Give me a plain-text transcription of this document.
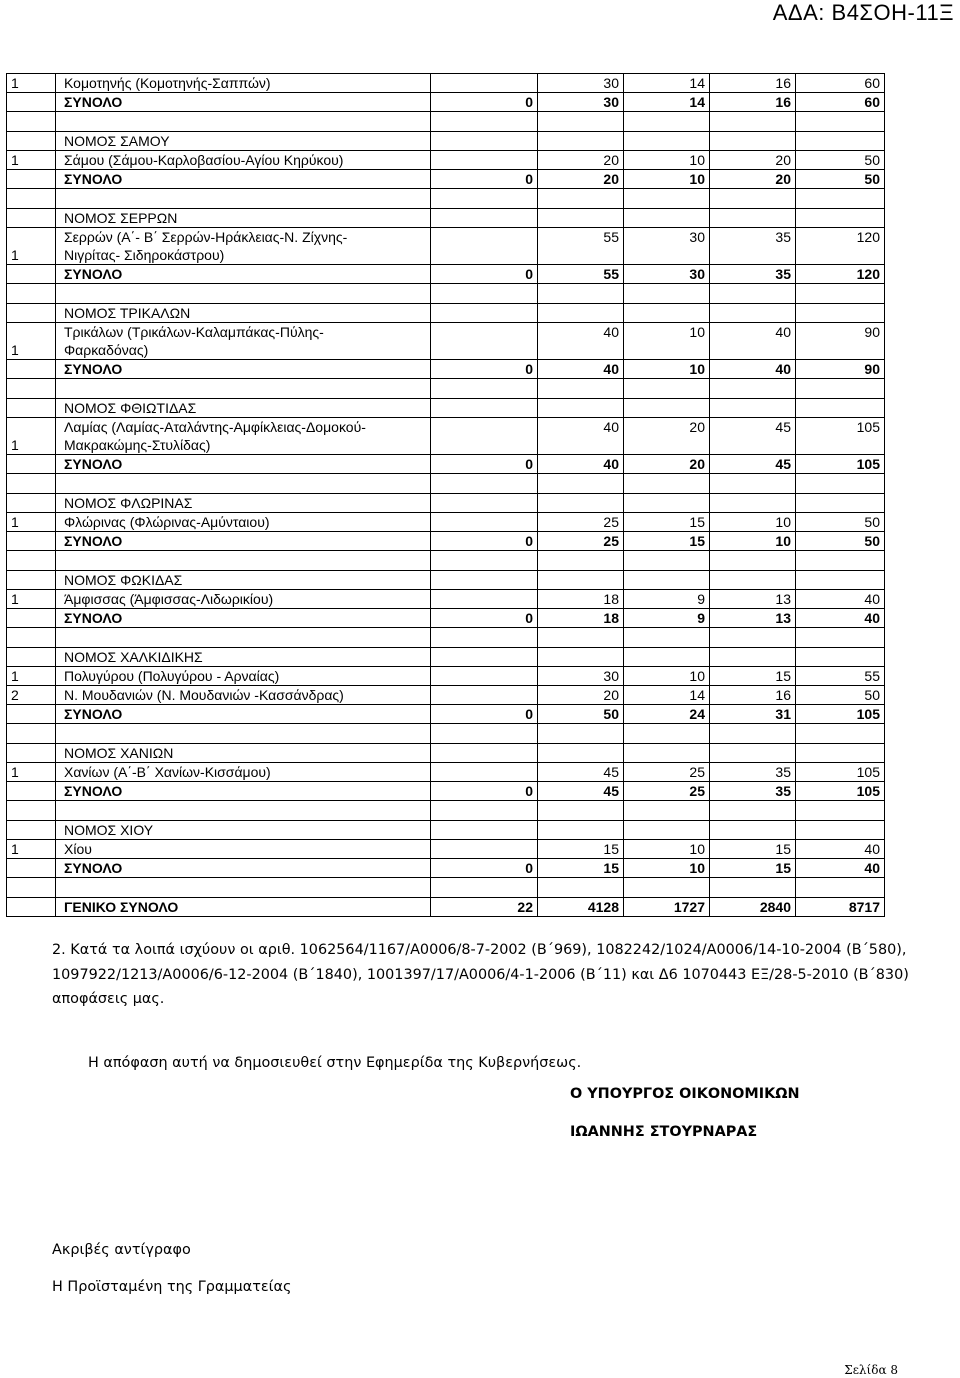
ΑΔΑ: Β4ΣΟΗ-11Ξ
1	Κομοτηνής (Κομοτηνής-Σαππών)		30	14	16	60
	ΣΥΝΟΛΟ	0	30	14	16	60

	ΝΟΜΟΣ ΣΑΜΟΥ					
1	Σάμου (Σάμου-Καρλοβασίου-Αγίου Κηρύκου)		20	10	20	50
	ΣΥΝΟΛΟ	0	20	10	20	50

	ΝΟΜΟΣ ΣΕΡΡΩΝ					
1	Σερρών (Α΄- Β΄ Σερρών-Ηράκλειας-Ν. Ζίχνης-
Νιγρίτας- Σιδηροκάστρου)		55	30	35	120
	ΣΥΝΟΛΟ	0	55	30	35	120

	ΝΟΜΟΣ ΤΡΙΚΑΛΩΝ					
1	Τρικάλων (Τρικάλων-Καλαμπάκας-Πύλης-
Φαρκαδόνας)		40	10	40	90
	ΣΥΝΟΛΟ	0	40	10	40	90

	ΝΟΜΟΣ ΦΘΙΩΤΙΔΑΣ					
1	Λαμίας (Λαμίας-Αταλάντης-Αμφίκλειας-Δομοκού-
Μακρακώμης-Στυλίδας)		40	20	45	105
	ΣΥΝΟΛΟ	0	40	20	45	105

	ΝΟΜΟΣ ΦΛΩΡΙΝΑΣ					
1	Φλώρινας (Φλώρινας-Αμύνταιου)		25	15	10	50
	ΣΥΝΟΛΟ	0	25	15	10	50

	ΝΟΜΟΣ ΦΩΚΙΔΑΣ					
1	Άμφισσας (Άμφισσας-Λιδωρικίου)		18	9	13	40
	ΣΥΝΟΛΟ	0	18	9	13	40

	ΝΟΜΟΣ ΧΑΛΚΙΔΙΚΗΣ					
1	Πολυγύρου (Πολυγύρου - Αρναίας)		30	10	15	55
2	Ν. Μουδανιών (Ν. Μουδανιών -Κασσάνδρας)		20	14	16	50
	ΣΥΝΟΛΟ	0	50	24	31	105

	ΝΟΜΟΣ ΧΑΝΙΩΝ					
1	Χανίων (Α΄-Β΄ Χανίων-Κισσάμου)		45	25	35	105
	ΣΥΝΟΛΟ	0	45	25	35	105

	ΝΟΜΟΣ ΧΙΟΥ					
1	Χίου		15	10	15	40
	ΣΥΝΟΛΟ	0	15	10	15	40

	ΓΕΝΙΚΟ ΣΥΝΟΛΟ	22	4128	1727	2840	8717
2. Κατά τα λοιπά ισχύουν οι αριθ. 1062564/1167/Α0006/8-7-2002 (Β΄969), 1082242/1024/Α0006/14-10-2004 (Β΄580), 1097922/1213/Α0006/6-12-2004 (Β΄1840), 1001397/17/Α0006/4-1-2006 (Β΄11) και Δ6 1070443 ΕΞ/28-5-2010 (Β΄830) αποφάσεις μας.
Η απόφαση αυτή να δημοσιευθεί στην Εφημερίδα της Κυβερνήσεως.
Ο ΥΠΟΥΡΓΟΣ ΟΙΚΟΝΟΜΙΚΩΝ
ΙΩΑΝΝΗΣ ΣΤΟΥΡΝΑΡΑΣ
Ακριβές αντίγραφο
Η Προϊσταμένη της Γραμματείας
Σελίδα 8
